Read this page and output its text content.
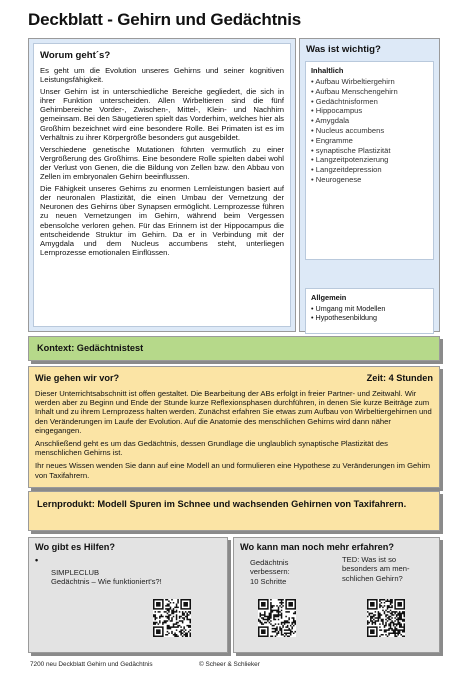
Deckblatt - Gehirn und Gedächtnis
Worum geht´s?

Es geht um die Evolution unseres Gehirns und seiner kognitiven Leistungsfähigkeit.

Unser Gehirn ist in unterschiedliche Bereiche gegliedert, die sich in ihrer Funktion unterscheiden. Allen Wirbeltieren sind die fünf Gehirnbereiche Vorder-, Zwischen-, Mittel-, Klein- und Nachhirn gemeinsam. Bei den Säugetieren spielt das Vorderhirn, welches hier als Großhirn bezeichnet wird eine besondere Rolle. Bei Primaten ist es im Verhältnis zu ihrer Körpergröße besonders gut ausgebildet.

Verschiedene genetische Mutationen führten vermutlich zu einer Vergrößerung des Großhirns. Eine besondere Rolle spielten dabei wohl der Verlust von Genen, die die Bildung von Zellen bzw. den Abbau von Zellen im embryonalen Gehirn beeinflussen.

Die Fähigkeit unseres Gehirns zu enormen Lernleistungen basiert auf der neuronalen Plastizität, die einen Umbau der Vernetzung der Neuronen des Gehirns über Synapsen ermöglicht. Lernprozesse führen zu neuen Vernetzungen im Gehirn, während beim Vergessen ebensolche verloren gehen. Für das Erinnern ist der Hippocampus die entscheidende Struktur im Gehirn. Da er in Verbindung mit der Amygdala und dem Nucleus accumbens steht, unterliegen Lernprozesse emotionalen Einflüssen.

Was ist wichtig?
Inhaltlich
• Aufbau Wirbeltiergehirn
• Aufbau Menschengehirn
• Gedächtnisformen
• Hippocampus
• Amygdala
• Nucleus accumbens
• Engramme
• synaptische Plastizität
• Langzeitpotenzierung
• Langzeitdepression
• Neurogenese
Allgemein
• Umgang mit Modellen
• Hypothesenbildung
Kontext: Gedächtnistest
Wie gehen wir vor?	Zeit: 4 Stunden

Dieser Unterrichtsabschnitt ist offen gestaltet. Die Bearbeitung der ABs erfolgt in freier Partner- und Zeitwahl. Wir werden aber zu Beginn und Ende der Stunde kurze Reflexionsphasen durchführen, in denen Sie kurze Beiträge zum Inhalt und zu ihrem Lernprozess halten werden. Zunächst erfahren Sie etwas zum Aufbau von Wirbeltiergehirnen und den Veränderungen im Laufe der Evolution. Auf die Anatomie des menschlichen Gehirns wird dann näher eingegangen.

Anschließend geht es um das Gedächtnis, dessen Grundlage die unglaublich synaptische Plastizität des menschlichen Gehirns ist.

Ihr neues Wissen wenden Sie dann auf eine Modell an und formulieren eine Hypothese zu Veränderungen im Gehirn von Taxifahrern.

Lernprodukt: Modell Spuren im Schnee und wachsenden Gehirnen von Taxifahrern.
Wo gibt es Hilfen?
•
SIMPLECLUB
Gedächtnis – Wie funktioniert's?!
Wo kann man noch mehr erfahren?
Gedächtnis
verbessern:
10 Schritte
TED: Was ist so
besonders am men-
schlichen Gehirn?
7200 neu Deckblatt Gehirn und Gedächtnis	© Scheer & Schlieker
